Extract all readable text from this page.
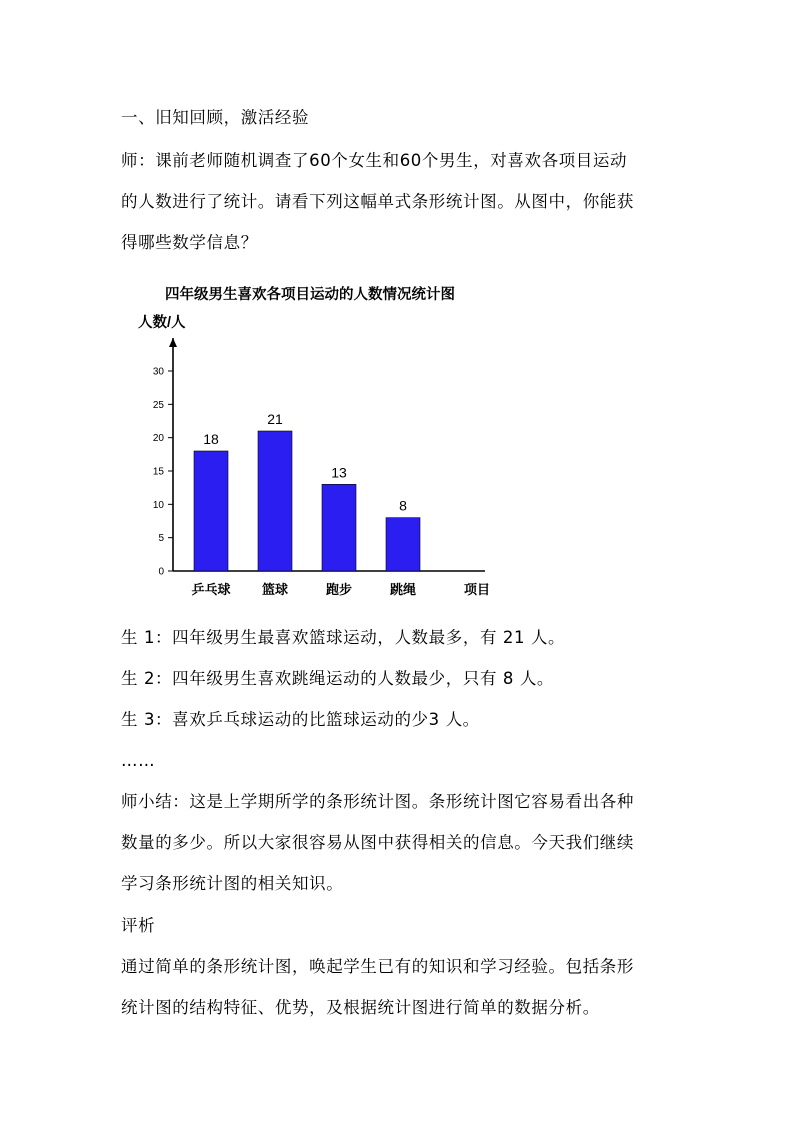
一、旧知回顾，激活经验
师：课前老师随机调查了60个女生和60个男生，对喜欢各项目运动
的人数进行了统计。请看下列这幅单式条形统计图。从图中，你能获
得哪些数学信息？
四年级男生喜欢各项目运动的人数情况统计图
人数/人
项目
0
5
10
15
20
25
30
乒乓球 篮球	跑步	跳绳
18
21
13
8
生 1：四年级男生最喜欢篮球运动，人数最多，有 21 人。
生 2：四年级男生喜欢跳绳运动的人数最少，只有 8 人。
生 3：喜欢乒乓球运动的比篮球运动的少3 人。
……
师小结：这是上学期所学的条形统计图。条形统计图它容易看出各种
数量的多少。所以大家很容易从图中获得相关的信息。今天我们继续
学习条形统计图的相关知识。
评析
通过简单的条形统计图，唤起学生已有的知识和学习经验。包括条形
统计图的结构特征、优势，及根据统计图进行简单的数据分析。
